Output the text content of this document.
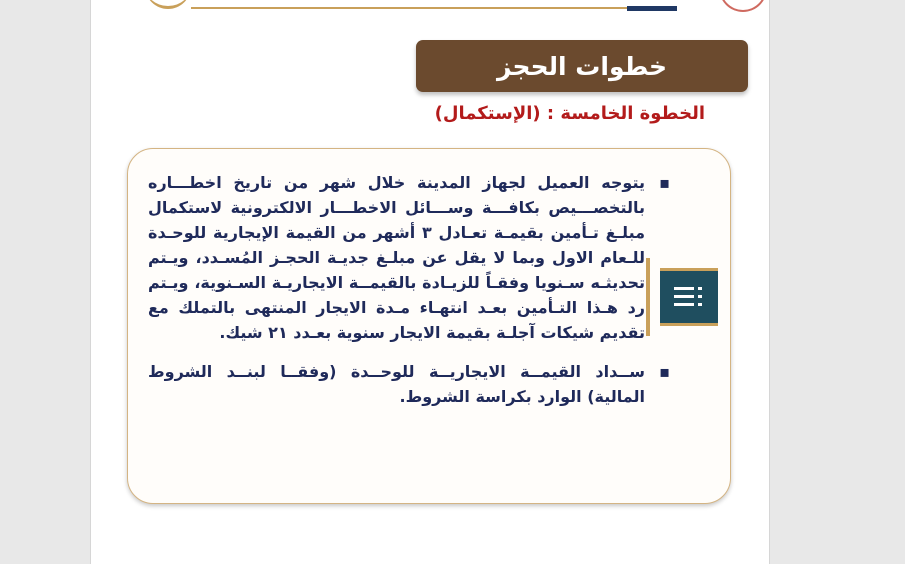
خطوات الحجز
الخطوة الخامسة : (الإستكمال)
▪
يتوجه العميل لجهاز المدينة خلال شهر من تاريخ اخطـــاره بالتخصـــيص بكافـــة وســـائل الاخطـــار الالكترونية لاستكمال مبلـغ تـأمين بقيمـة تعـادل ٣ أشهر من القيمة الإيجارية للوحـدة للـعام الاول وبما لا يقل عن مبلـغ جديـة الحجـز المُسـدد، ويـتم تحديثـه سـنويا وفقـاً للزيـادة بالقيمــة الايجاريـة السـنوية، ويـتم رد هـذا التـأمين بعـد انتهـاء مـدة الايجار المنتهى بالتملك مع تقديم شيكات آجلـة بقيمة الايجار سنوية بعـدد ٢١ شيك.
▪
ســداد القيمــة الايجاريــة للوحــدة (وفقــا لبنــد الشروط المالية) الوارد بكراسة الشروط.
